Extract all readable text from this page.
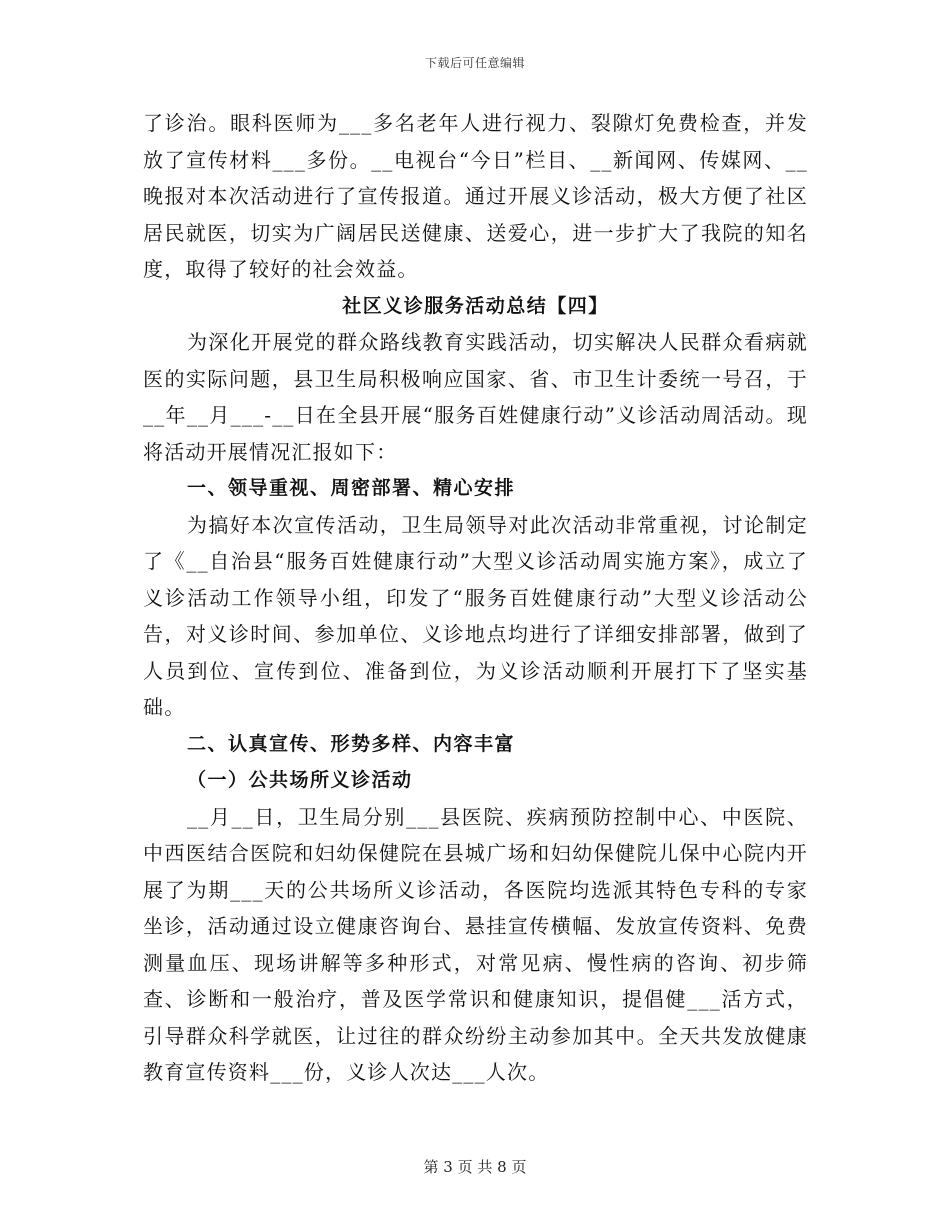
下载后可任意编辑

了诊治。眼科医师为___多名老年人进行视力、裂隙灯免费检查，并发放了宣传材料___多份。__电视台“今日”栏目、__新闻网、传媒网、__晚报对本次活动进行了宣传报道。通过开展义诊活动，极大方便了社区居民就医，切实为广阔居民送健康、送爱心，进一步扩大了我院的知名度，取得了较好的社会效益。

社区义诊服务活动总结【四】

为深化开展党的群众路线教育实践活动，切实解决人民群众看病就医的实际问题，县卫生局积极响应国家、省、市卫生计委统一号召，于__年__月___-__日在全县开展“服务百姓健康行动”义诊活动周活动。现将活动开展情况汇报如下：

一、领导重视、周密部署、精心安排

为搞好本次宣传活动，卫生局领导对此次活动非常重视，讨论制定了《__自治县“服务百姓健康行动”大型义诊活动周实施方案》，成立了义诊活动工作领导小组，印发了“服务百姓健康行动”大型义诊活动公告，对义诊时间、参加单位、义诊地点均进行了详细安排部署，做到了人员到位、宣传到位、准备到位，为义诊活动顺利开展打下了坚实基础。

二、认真宣传、形势多样、内容丰富

（一）公共场所义诊活动

__月__日，卫生局分别___县医院、疾病预防控制中心、中医院、中西医结合医院和妇幼保健院在县城广场和妇幼保健院儿保中心院内开展了为期___天的公共场所义诊活动，各医院均选派其特色专科的专家坐诊，活动通过设立健康咨询台、悬挂宣传横幅、发放宣传资料、免费测量血压、现场讲解等多种形式，对常见病、慢性病的咨询、初步筛查、诊断和一般治疗，普及医学常识和健康知识，提倡健___活方式，引导群众科学就医，让过往的群众纷纷主动参加其中。全天共发放健康教育宣传资料___份，义诊人次达___人次。

第 3 页 共 8 页
